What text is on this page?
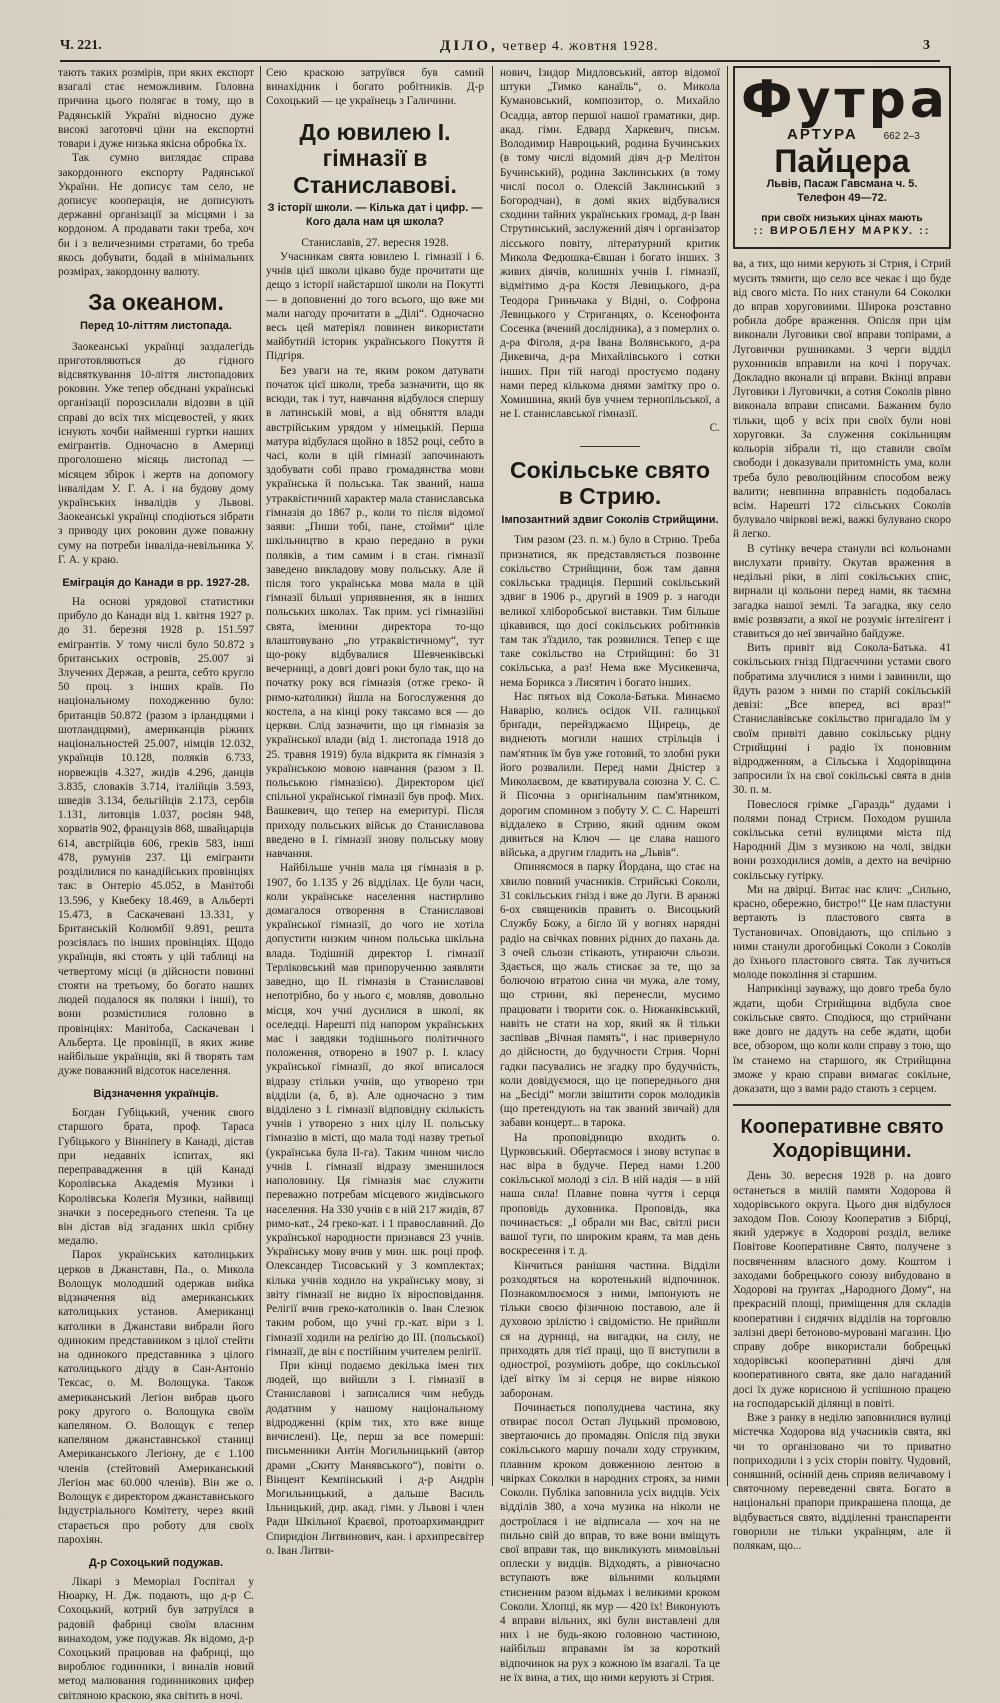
Ч. 221.	ДІЛО, четвер 4. жовтня 1928.	3

тають таких розмірів, при яких експорт взагалі стає неможливим. Головна причина цього полягає в тому, що в Радянській Україні відносно дуже високі заготовчі ціни на експортні товари і дуже низька якісна обробка їх.

Так сумно виглядає справа закордонного експорту Радянської України. Не дописує там село, не дописує кооперація, не дописують державні організації за місцями і за кордоном. А продавати таки треба, хоч би і з величезними стратами, бо треба якось добувати, бодай в мінімальних розмірах, закордонну валюту.

За океаном.
Перед 10-літтям листопада.

Заокеанські українці заздалегідь приготовляються до гідного відсвяткування 10-ліття листопадових роковин. Уже тепер обєднані українські організації порозсилали відозви в цій справі до всіх тих місцевостей, у яких існують хочби найменші гуртки наших емігрантів. Одночасно в Америці проголошено місяць листопад — місяцем збірок і жертв на допомогу інвалідам У. Г. А. і на будову дому українських інвалідів у Львові. Заокеанські українці сподіються зібрати з приводу цих роковин дуже поважну суму на потреби інваліда-невільника У. Г. А. у краю.

Еміграція до Канади в рр. 1927-28.

На основі урядової статистики прибуло до Канади від 1. квітня 1927 р. до 31. березня 1928 р. 151.597 емігрантів. У тому числі було 50.872 з британських островів, 25.007 зі Злучених Держав, а решта, себто кругло 50 проц. з інших країв. По національному походженню було: британців 50.872 (разом з ірландцями і шотландцями), американців ріжних національностей 25.007, німців 12.032, українців 10.128, поляків 6.733, норвежців 4.327, жидів 4.296, данців 3.835, словаків 3.714, італійців 3.593, шведів 3.134, бельгійців 2.173, сербів 1.131, литовців 1.037, росіян 948, хорватів 902, французів 868, швайцарців 614, австрійців 606, греків 583, інші 478, румунів 237. Ці емігранти розділилися по канадійських провінціях так: в Онтеріо 45.052, в Манітобі 13.596, у Квебеку 18.469, в Альберті 15.473, в Саскачевані 13.331, у Британській Колюмбії 9.891, решта розсіялась по інших провінціях. Щодо українців, які стоять у цій таблиці на четвертому місці (в дійсности повинні стояти на третьому, бо богато наших людей подалося як поляки і інші), то вони розмістилися головно в провінціях: Манітоба, Саскачеван і Альберта. Це провінції, в яких живе найбільше українців, які й творять там дуже поважний відсоток населення.

Відзначення українців.

Богдан Губіцький, ученик свого старшого брата, проф. Тараса Губіцького у Вінніпеґу в Канаді, дістав при недавніх іспитах, які переправадження в цій Канаді Королівська Академія Музики і Королівська Колеґія Музики, найвищі значки з посереднього степеня. Та це він дістав від згаданих шкіл срібну медалю.

Парох українських католицьких церков в Джанставн, Па., о. Микола Волощук молодший одержав вийка відзначення від американських католицьких установ. Американці католики в Джанстави вибрали його одиноким представником з цілої стейти на одинокого представника з цілого католицького дізду в Сан-Антоніо Тексас, о. М. Волощука. Також американський Легіон вибрав цього року другого о. Волощука своїм капеляном. О. Волощук є тепер капеляном джанставнської станиці Американського Легіону, де є 1.100 членів (стейтовий Американський Легіон має 60.000 членів). Він же о. Волощук є директором джанставнського Індустріального Комітету, через який старається про роботу для своїх парохіян.

Д-р Сохоцький подужав.

Лікарі з Меморіал Госпітал у Нюарку, Н. Дж. подають, що д-р С. Сохоцький, котрий був затруїлся в радовій фабриці своїм власним винаходом, уже подужав. Як відомо, д-р Сохоцький працював на фабриці, що вироблює годинники, і виналів новий метод малювання годинникових цифер світляною краскою, яка світить в ночі.

Сею краскою затруївся був самий винахідник і богато робітників. Д-р Сохоцький — це українець з Галичини.

До ювилею І. гімназії в Станиславові.
З історії школи. — Кілька дат і цифр. — Кого дала нам ця школа?

Станиславів, 27. вересня 1928.

Учасникам свята ювилею І. гімназії і 6. учнів цієї школи цікаво буде прочитати ще дещо з історії найстаршої школи на Покутті — в доповненні до того всього, що вже ми мали нагоду прочитати в „Ділі“. Одночасно весь цей матеріял повинен використати майбутній історик українського Покуття й Підгіря.

Без уваги на те, яким роком датувати початок цієї школи, треба зазначити, що як всюди, так і тут, навчання відбулося спершу в латинській мові, а від обняття влади австрійським урядом у німецькій. Перша матура відбулася щойно в 1852 році, себто в часі, коли в цій гімназії започинають здобувати собі право громадянства мови українська й польська. Так званий, наша утраквістичний характер мала станиславська гімназія до 1867 р., коли то після відомої заяви: „Пиши тобі, пане, стойми“ ціле шкільництво в краю передано в руки поляків, а тим самим і в стан. гімназії заведено викладову мову польську. Але й після того українська мова мала в цій гімназії більші уприявнення, як в інших польських школах. Так прим. усі гімназійні свята, іменини директора то-що влаштовувано „по утраквістичному“, тут що-року відбувалися Шевченківські вечерниці, а довгі довгі роки було так, що на початку року вся гімназія (отже греко- й римо-католики) йшла на Богослуження до костела, а на кінці року таксамо вся — до церкви. Слід зазначити, що ця гімназія за української влади (від 1. листопада 1918 до 25. травня 1919) була відкрита як гімназія з українською мовою навчання (разом з II. польською гімназією). Директором цієї спільної української гімназії був проф. Мих. Вашкевич, що тепер на емеритурі. Після приходу польських військ до Станиславова введено в І. гімназії знову польську мову навчання.

Найбільше учнів мала ця гімназія в р. 1907, бо 1.135 у 26 відділах. Це були часи, коли українське населення настирливо домагалося отворення в Станиславові української гімназії, до чого не хотіла допустити низким чином польська шкільна влада. Тодішній директор І. гімназії Терліковський мав припорученню заявляти заведно, що II. гімназія в Станиславові непотрібно, бо у нього є, мовляв, довольно місця, хоч учні дусилися в школі, як оселедці. Нарешті під напором українських мас і завдяки тодішнього політичного положення, отворено в 1907 р. І. класу української гімназії, до якої вписалося відразу стільки учнів, що утворено три відділи (а, б, в). Але одночасно з тим відділено з І. гімназії відповідну скількість учнів і утворено з них цілу II. польську гімназію в місті, що мала тоді назву третьої (українська була II-га). Таким чином число учнів І. гімназії відразу зменшилося наполовину. Ця гімназія має служити переважно потребам місцевого жидівського населення. На 330 учнів є в ній 217 жидів, 87 римо-кат., 24 греко-кат. і 1 православний. До української народности признався 23 учнів. Українську мову вчив у мин. шк. році проф. Олександер Тисовський у 3 комплектах; кілька учнів ходило на українську мову, зі звіту гімназії не видно їх віросповідання. Релігії вчив греко-католиків о. Іван Слезюк таким робом, що учні гр.-кат. віри з I. гімназії ходили на релігію до III. (польської) гімназії, де він є постійним учителем релігії.

При кінці подаємо декілька імен тих людей, що вийшли з І. гімназії в Станиславові і записалися чим небудь додатним у нашому національному відродженні (крім тих, хто вже вище вичислені). Це, перш за все померші: письменники Антін Могильницький (автор драми „Скиту Манявського“), повіти о. Вінцент Кемпінський і д-р Андрін Могильницький, а дальше Василь Ільницький, дир. акад. гімн. у Львові і член Ради Шкільної Краєвої, протоархимандрит Спиридіон Литвинович, кан. і архипресвітер о. Іван Литви-

нович, Ізидор Мидловський, автор відомої штуки „Тимко канаїль“, о. Микола Кумановський, композитор, о. Михайло Осадца, автор першої нашої граматики, дир. акад. гімн. Едвард Харкевич, письм. Володимир Навроцький, родина Бучинських (в тому числі відомий діяч д-р Мелітон Бучинський), родина Заклинських (в тому числі посол о. Олексій Заклинський з Богородчан), в домі яких відбувалися сходини тайних українських громад, д-р Іван Струтинський, заслужений діяч і організатор лісського повіту, літературний критик Микола Федюшка-Євшан і богато інших. З живих діячів, колишніх учнів І. гімназії, відмітимо д-ра Костя Левицького, д-ра Теодора Гриньчака у Відні, о. Софрона Левицького у Стриганцях, о. Ксенофонта Сосенка (вчений дослідника), а з померлих о. д-ра Фіголя, д-ра Івана Волянського, д-ра Дикевича, д-ра Михайлівського і сотки інших. При тій нагоді простуємо подану нами перед кількома днями замітку про о. Хомишина, який був учнем тернопільської, а не І. станиславської гімназії.

С.

Сокільське свято в Стрию.
Імпозантний здвиг Соколів Стрийщини.

Тим разом (23. п. м.) було в Стрию. Треба признатися, як представляється позвонне сокільство Стрийщини, бож там давня сокільська традиція. Перший сокільський здвиг в 1906 р., другий в 1909 р. з нагоди великої хліборобської виставки. Тим більше цікавився, що досі сокільських робітників там так з'їздило, так розвилися. Тепер є ще таке сокільство на Стрийщині: бо 31 сокільська, а раз! Нема вже Мусикевича, нема Борикса з Лисятич і богато інших.

Нас пятьох від Сокола-Батька. Минаємо Наварію, колись осідок VII. галицької бриґади, перейзджаємо Щирець, де виднеють могили наших стрільців і пам'ятник їм був уже готовий, то злобні руки його розвалили. Перед нами Дністер з Миколаєвом, де кватирувала союзна У. С. С. й Пісочна з оригінальним пам'ятником, дорогим спомином з побуту У. С. С. Нарешті віддалеко в Стрию, який одним оком дивиться на Ключ — це слава нашого війська, а другим гладить на „Львів“.

Опиняємося в парку Йордана, що стає на хвилю повний учасників. Стрийські Соколи, 31 сокільських гнізд і вже до Луги. В аранжі 6-ох священиків править о. Висоцький Службу Божу, а бігло їй у вогнях нарядні радіо на свічках повних рідних до пахань да. З очей сльози стікають, утираючи сльози. Здається, що жаль стискає за те, що за болючою втратою сина чи мужа, але тому, що стрини, які перенесли, мусимо працювати і творити сок. о. Нижанківський, навіть не стати на хор, який як й тільки заспівав „Вічная память“, і нас привернуло до дійсности, до будучности Стрия. Чорні гадки пасувались не згадку про будучність, коли довідуємося, що це попереднього дня на „Бесіді“ могли звіштити сорок молодиків (що претендують на так званий звичай) для забави концерт... в тарока.

На проповідницю входить о. Цурковський. Обертаємося і знову вступає в нас віра в будуче. Перед нами 1.200 сокільської молоді з сіл. В ній надія — в ній наша сила! Плавне повна чуття і серця проповідь духовника. Проповідь, яка починається: „І обрали ми Вас, світлі риси вашої туги, по широким краям, та мав день воскресення і т. д.

Кінчиться ранішня частина. Відділи розходяться на коротенький відпочинок. Познакомлюємося з ними, імпонують не тільки своєю фізичною поставою, але й духовою зрілістю і свідомістю. Не прийшли ся на дурниці, на вигадки, на силу, не приходять для тієї праці, що її виступили в однострої, розуміють добре, що сокільської ідеї вітку їм зі серця не вирве ніякою заборонам.

Починається пополуднева частина, яку отвирає посол Остап Луцький промовою, звертаючись до промадян. Опісля під звуки сокільського маршу почали ходу струнким, плавним кроком довженною лентою в чвірках Соколки в народних строях, за ними Соколи. Публіка заповнила усіх видців. Усіх відділів 380, а хоча музика на ніколи не достроїлася і не відписала — хоч на не пильно свій до вправ, то вже вони вміщуть свої вправи так, що викликують мимовільні оплески у видців. Відходять, а рівночасно вступають вже вільними кольцями стисненим разом відьмах і великими кроком Соколи. Хлопці, як мур — 420 їх! Виконують 4 вправи вільних, які були виставлені для них і не будь-якою головною частиною, найбільш вправами їм за короткий відпочинок на рух з кожною їм взагалі. Та це не їх вина, а тих, що ними керують зі Стрия.

Футра
АРТУРА	662 2–3
Пайцера
Львів, Пасаж Гавсмана ч. 5.
Телефон 49—72.
при своїх низьких цінах мають
:: ВИРОБЛЕНУ МАРКУ. ::

ва, а тих, що ними керують зі Стрия, і Стрий мусить тямити, що село все чекає і що буде від свого міста. По них станули 64 Соколки до вправ хоруговиими. Широка розставно робила добре враження. Опісля при цім виконали Луговики свої вправи топірами, а Луговички рушниками. З черги відділ рухонників вправили на кочі і поручах. Докладно вконали ці вправи. Вкінці вправи Луговики і Луговички, а сотня Соколів рівно виконала вправи списами. Бажаним було тільки, щоб у всіх при своїх були нові хоруговки. За служення сокільницям кольорів зібрали ті, що ставили своїм свободи і доказували притомність ума, коли треба було революційним способом вежу валити; невпинна вправність подобалась всім. Нарешті 172 сільських Соколів булувало чвіркові вежі, важкі булувано скоро й легко.

В сутінку вечера станули всі кольонами вислухати привіту. Окутав враження в недільні ріки, в ліпі сокільських спис, вирнали ці кольони перед нами, як таємна загадка нашої землі. Та загадка, яку село вміє розвязати, а якої не розуміє інтелігент і ставиться до неї звичайно байдуже.

Вить привіт від Сокола-Батька. 41 сокільських гнізд Підгаєччини устами свого побратима злучилися з ними і завинили, що йдуть разом з ними по старій сокільській девізі: „Все вперед, всі враз!“ Станиславівське сокільство пригадало їм у своїм привіті давню сокільську рідну Стрийщині і радіо їх поновним відродженням, а Сільська і Ходорівщина запросили їх на свої сокільські свята в днів 30. п. м.

Повеслося грімке „Гараздь“ дудами і полями понад Стриєм. Походом рушила сокільська сетні вулицями міста під Народний Дім з музикою на чолі, звідки вони розходилися домів, а дехто на вечірню сокільську гутірку.

Ми на двірці. Витає нас клич: „Сильно, красно, обережно, бистро!“ Це нам пластуни вертають із пластового свята в Тустановичах. Оповідають, що спільно з ними станули дрогобицькі Соколи з Соколів до їхнього пластового свята. Так лучиться молоде покоління зі старшим.

Наприкінці зауважу, що довго треба було ждати, щоби Стрийщина відбула свое сокільське свято. Сподіюся, що стрийчани вже довго не дадуть на себе ждати, щоби все, обзором, що коли коли справу з тою, що їм станемо на старшого, як Стрийщина зможе у краю справи вимагає сокільне, доказати, що з вами радо стають з серцем.

Кооперативне свято Ходорівщини.

День 30. вересня 1928 р. на довго останеться в милій памяти Ходорова й ходорівського округа. Цього дня відбулося заходом Пов. Союзу Кооператив з Бібрці, який удержує в Ходорові розділ, велике Повітове Кооперативне Свято, получене з посвяченням власного дому. Коштом і заходами бобрецького союзу вибудовано в Ходорові на ґрунтах „Народного Дому“, на прекрасній площі, приміщення для складів кооперативи і сидячих відділів на торговлю залізні двері бетоново-муровані магазин. Цю справу добре використали бобрецькі ходорівські кооперативні діячі для кооперативного свята, яке дало нагаданий досі їх дуже корисною й успішною працею на господарській ділянці в повіті.

Вже з ранку в неділю заповнилися вулиці містечка Ходорова від учасників свята, які чи то організовано чи то приватно поприходили і з усіх сторін повіту. Чудовий, соняшний, осінній день сприяв величавому і святочному переведенні свята. Богато в національні прапори прикрашена площа, де відбувається свято, відділенні транспаренти говорили не тільки українцям, але й полякам, що...
